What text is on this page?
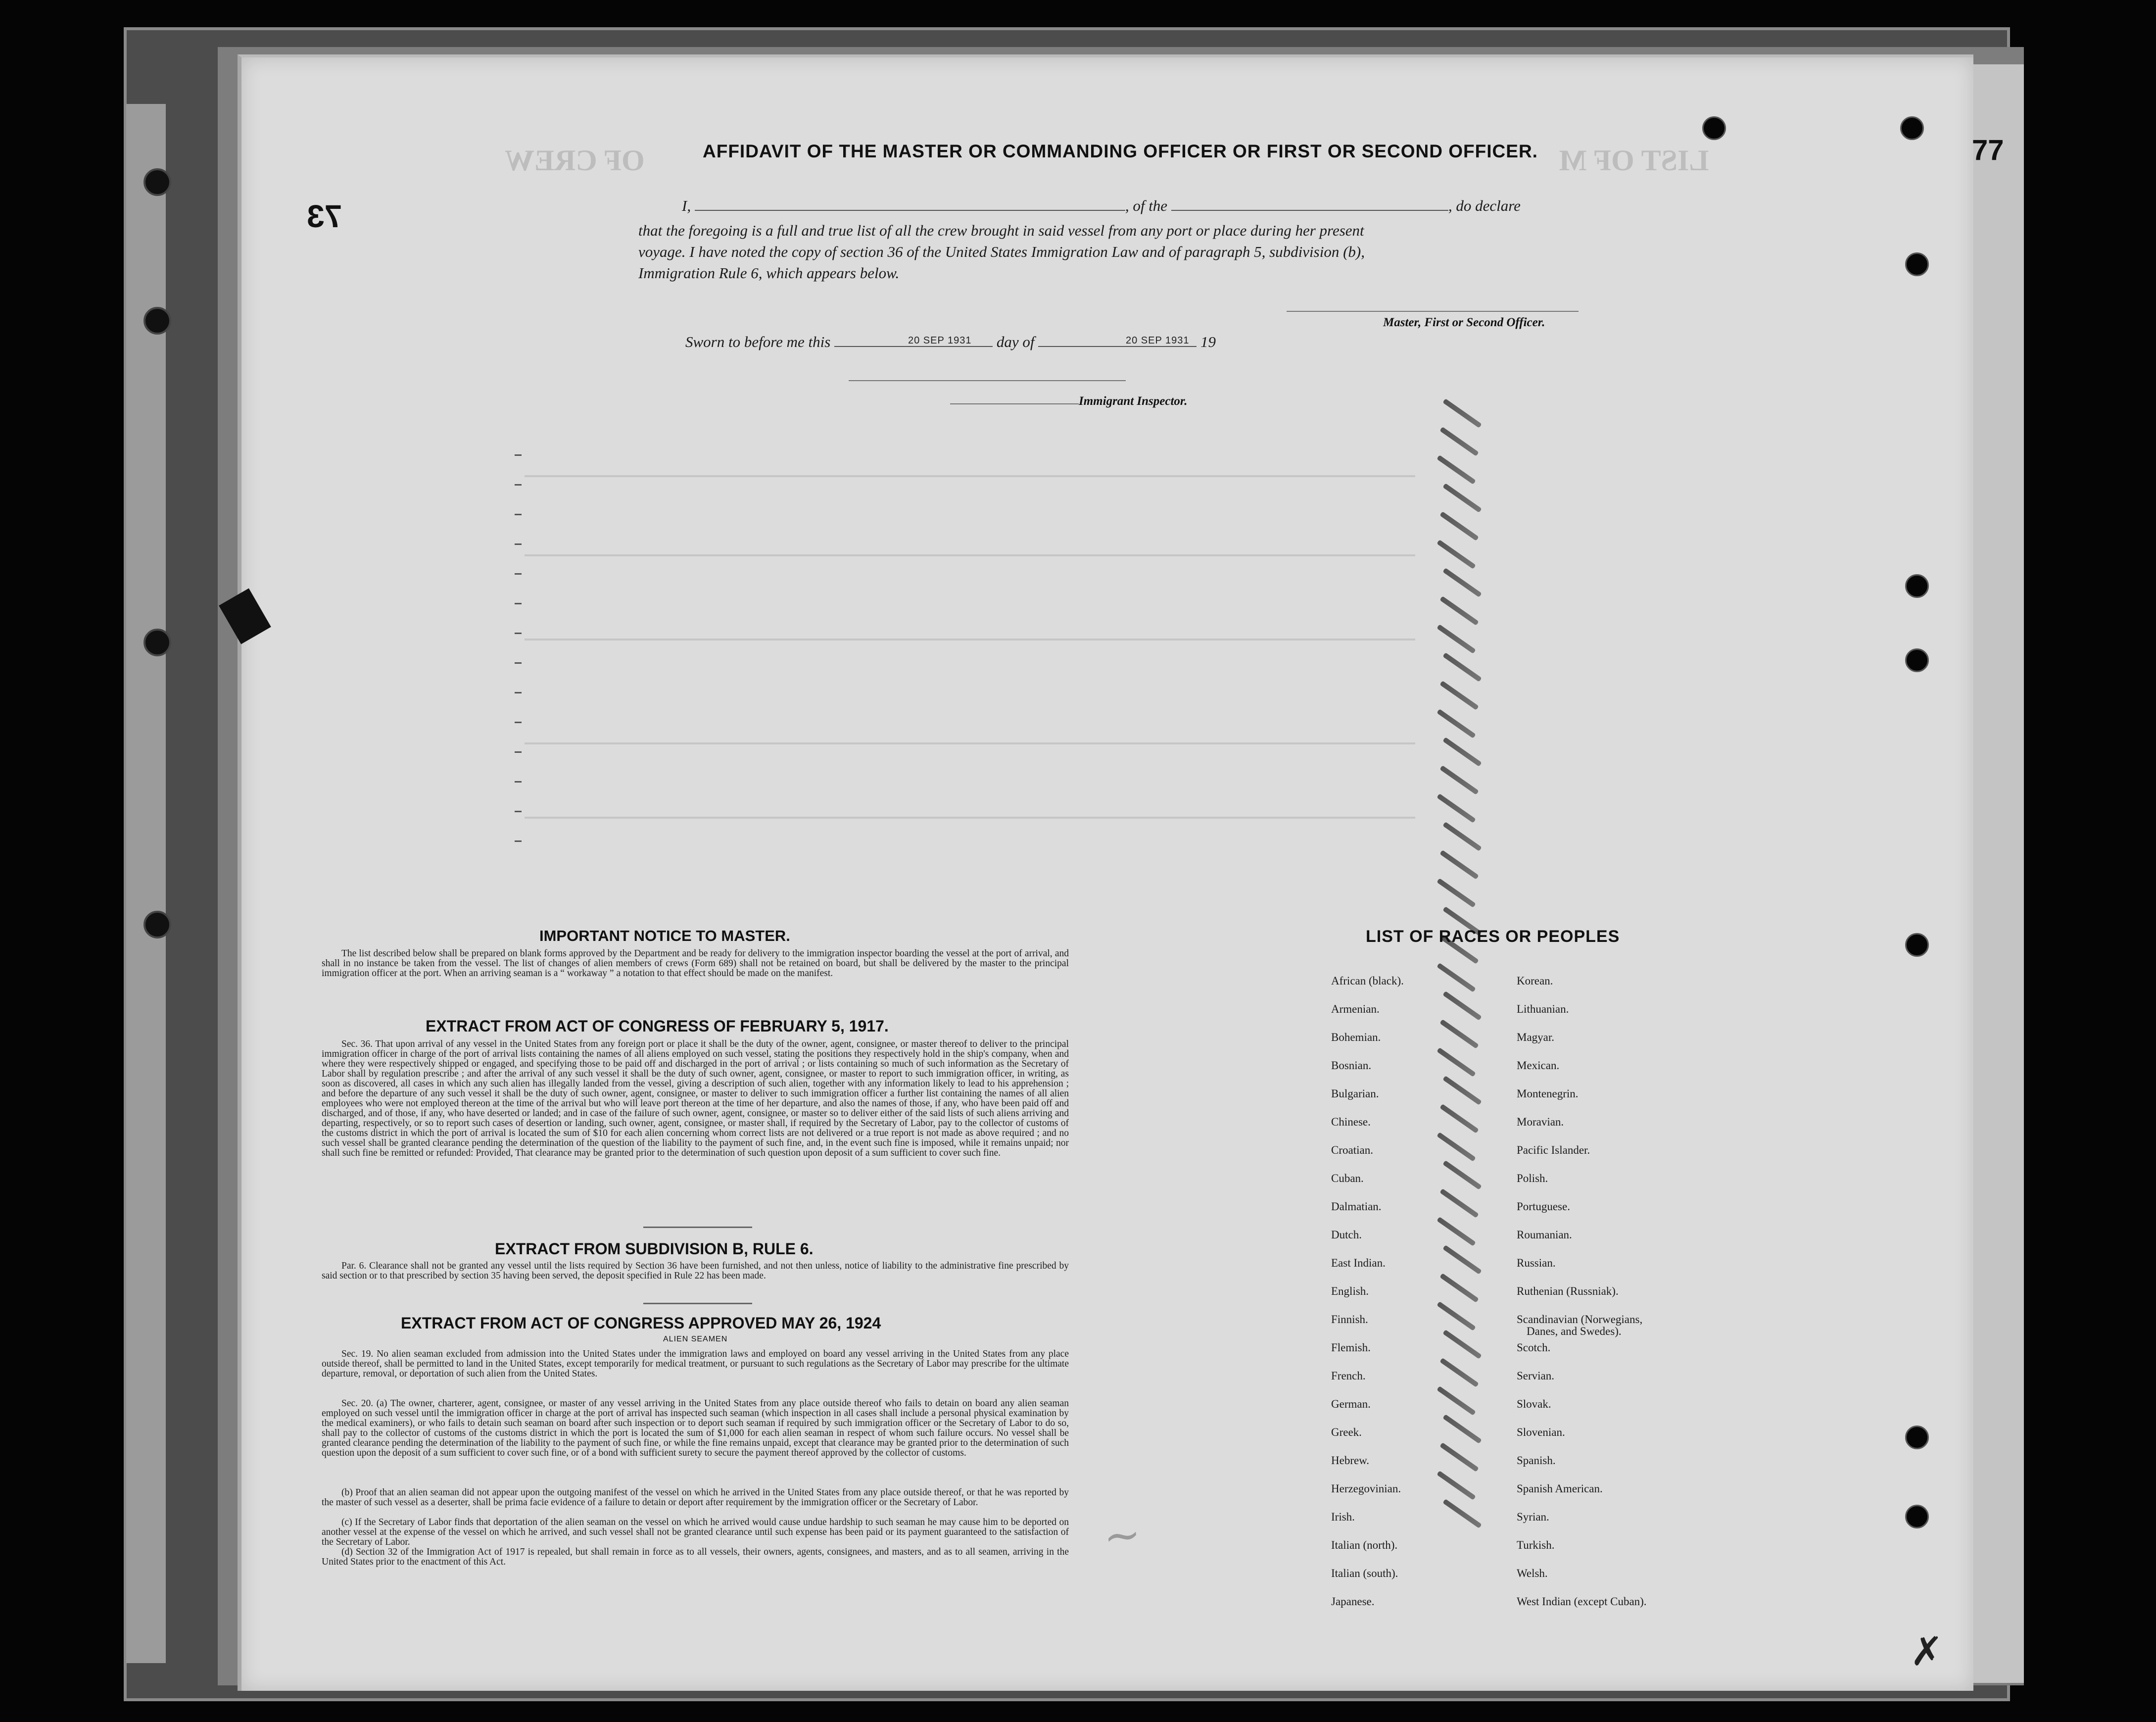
LIST OF M
OF CREW	77
73
AFFIDAVIT OF THE MASTER OR COMMANDING OFFICER OR FIRST OR SECOND OFFICER.
I,	, of the	, do declare
that the foregoing is a full and true list of all the crew brought in said vessel from any port or place during her present
voyage. I have noted the copy of section 36 of the United States Immigration Law and of paragraph 5, subdivision (b),
Immigration Rule 6, which appears below.
Master, First or Second Officer.
Sworn to before me this	day of	19
20 SEP 1931	20 SEP 1931
Immigrant Inspector.
IMPORTANT NOTICE TO MASTER.
The list described below shall be prepared on blank forms approved by the Department and be ready for delivery to the immigration inspector boarding the vessel at the port of arrival, and shall in no instance be taken from the vessel. The list of changes of alien members of crews (Form 689) shall not be retained on board, but shall be delivered by the master to the principal immigration officer at the port. When an arriving seaman is a “ workaway ” a notation to that effect should be made on the manifest.
EXTRACT FROM ACT OF CONGRESS OF FEBRUARY 5, 1917.
Sec. 36. That upon arrival of any vessel in the United States from any foreign port or place it shall be the duty of the owner, agent, consignee, or master thereof to deliver to the principal immigration officer in charge of the port of arrival lists containing the names of all aliens employed on such vessel, stating the positions they respectively hold in the ship's company, when and where they were respectively shipped or engaged, and specifying those to be paid off and discharged in the port of arrival ; or lists containing so much of such information as the Secretary of Labor shall by regulation prescribe ; and after the arrival of any such vessel it shall be the duty of such owner, agent, consignee, or master to report to such immigration officer, in writing, as soon as discovered, all cases in which any such alien has illegally landed from the vessel, giving a description of such alien, together with any information likely to lead to his apprehension ; and before the departure of any such vessel it shall be the duty of such owner, agent, consignee, or master to deliver to such immigration officer a further list containing the names of all alien employees who were not employed thereon at the time of the arrival but who will leave port thereon at the time of her departure, and also the names of those, if any, who have been paid off and discharged, and of those, if any, who have deserted or landed; and in case of the failure of such owner, agent, consignee, or master so to deliver either of the said lists of such aliens arriving and departing, respectively, or so to report such cases of desertion or landing, such owner, agent, consignee, or master shall, if required by the Secretary of Labor, pay to the collector of customs of the customs district in which the port of arrival is located the sum of $10 for each alien concerning whom correct lists are not delivered or a true report is not made as above required ; and no such vessel shall be granted clearance pending the determination of the question of the liability to the payment of such fine, and, in the event such fine is imposed, while it remains unpaid; nor shall such fine be remitted or refunded: Provided, That clearance may be granted prior to the determination of such question upon deposit of a sum sufficient to cover such fine.
EXTRACT FROM SUBDIVISION B, RULE 6.
Par. 6. Clearance shall not be granted any vessel until the lists required by Section 36 have been furnished, and not then unless, notice of liability to the administrative fine prescribed by said section or to that prescribed by section 35 having been served, the deposit specified in Rule 22 has been made.
EXTRACT FROM ACT OF CONGRESS APPROVED MAY 26, 1924
ALIEN SEAMEN
Sec. 19. No alien seaman excluded from admission into the United States under the immigration laws and employed on board any vessel arriving in the United States from any place outside thereof, shall be permitted to land in the United States, except temporarily for medical treatment, or pursuant to such regulations as the Secretary of Labor may prescribe for the ultimate departure, removal, or deportation of such alien from the United States.
Sec. 20. (a) The owner, charterer, agent, consignee, or master of any vessel arriving in the United States from any place outside thereof who fails to detain on board any alien seaman employed on such vessel until the immigration officer in charge at the port of arrival has inspected such seaman (which inspection in all cases shall include a personal physical examination by the medical examiners), or who fails to detain such seaman on board after such inspection or to deport such seaman if required by such immigration officer or the Secretary of Labor to do so, shall pay to the collector of customs of the customs district in which the port is located the sum of $1,000 for each alien seaman in respect of whom such failure occurs. No vessel shall be granted clearance pending the determination of the liability to the payment of such fine, or while the fine remains unpaid, except that clearance may be granted prior to the determination of such question upon the deposit of a sum sufficient to cover such fine, or of a bond with sufficient surety to secure the payment thereof approved by the collector of customs.
(b) Proof that an alien seaman did not appear upon the outgoing manifest of the vessel on which he arrived in the United States from any place outside thereof, or that he was reported by the master of such vessel as a deserter, shall be prima facie evidence of a failure to detain or deport after requirement by the immigration officer or the Secretary of Labor.
(c) If the Secretary of Labor finds that deportation of the alien seaman on the vessel on which he arrived would cause undue hardship to such seaman he may cause him to be deported on another vessel at the expense of the vessel on which he arrived, and such vessel shall not be granted clearance until such expense has been paid or its payment guaranteed to the satisfaction of the Secretary of Labor.
(d) Section 32 of the Immigration Act of 1917 is repealed, but shall remain in force as to all vessels, their owners, agents, consignees, and masters, and as to all seamen, arriving in the United States prior to the enactment of this Act.
LIST OF RACES OR PEOPLES
African (black).
Armenian.
Bohemian.
Bosnian.
Bulgarian.
Chinese.
Croatian.
Cuban.
Dalmatian.
Dutch.
East Indian.
English.
Finnish.
Flemish.
French.
German.
Greek.
Hebrew.
Herzegovinian.
Irish.
Italian (north).
Italian (south).
Japanese.
Korean.
Lithuanian.
Magyar.
Mexican.
Montenegrin.
Moravian.
Pacific Islander.
Polish.
Portuguese.
Roumanian.
Russian.
Ruthenian (Russniak).
Scandinavian (Norwegians,
Danes, and Swedes).
Scotch.
Servian.
Slovak.
Slovenian.
Spanish.
Spanish American.
Syrian.
Turkish.
Welsh.
West Indian (except Cuban).
~
✗
